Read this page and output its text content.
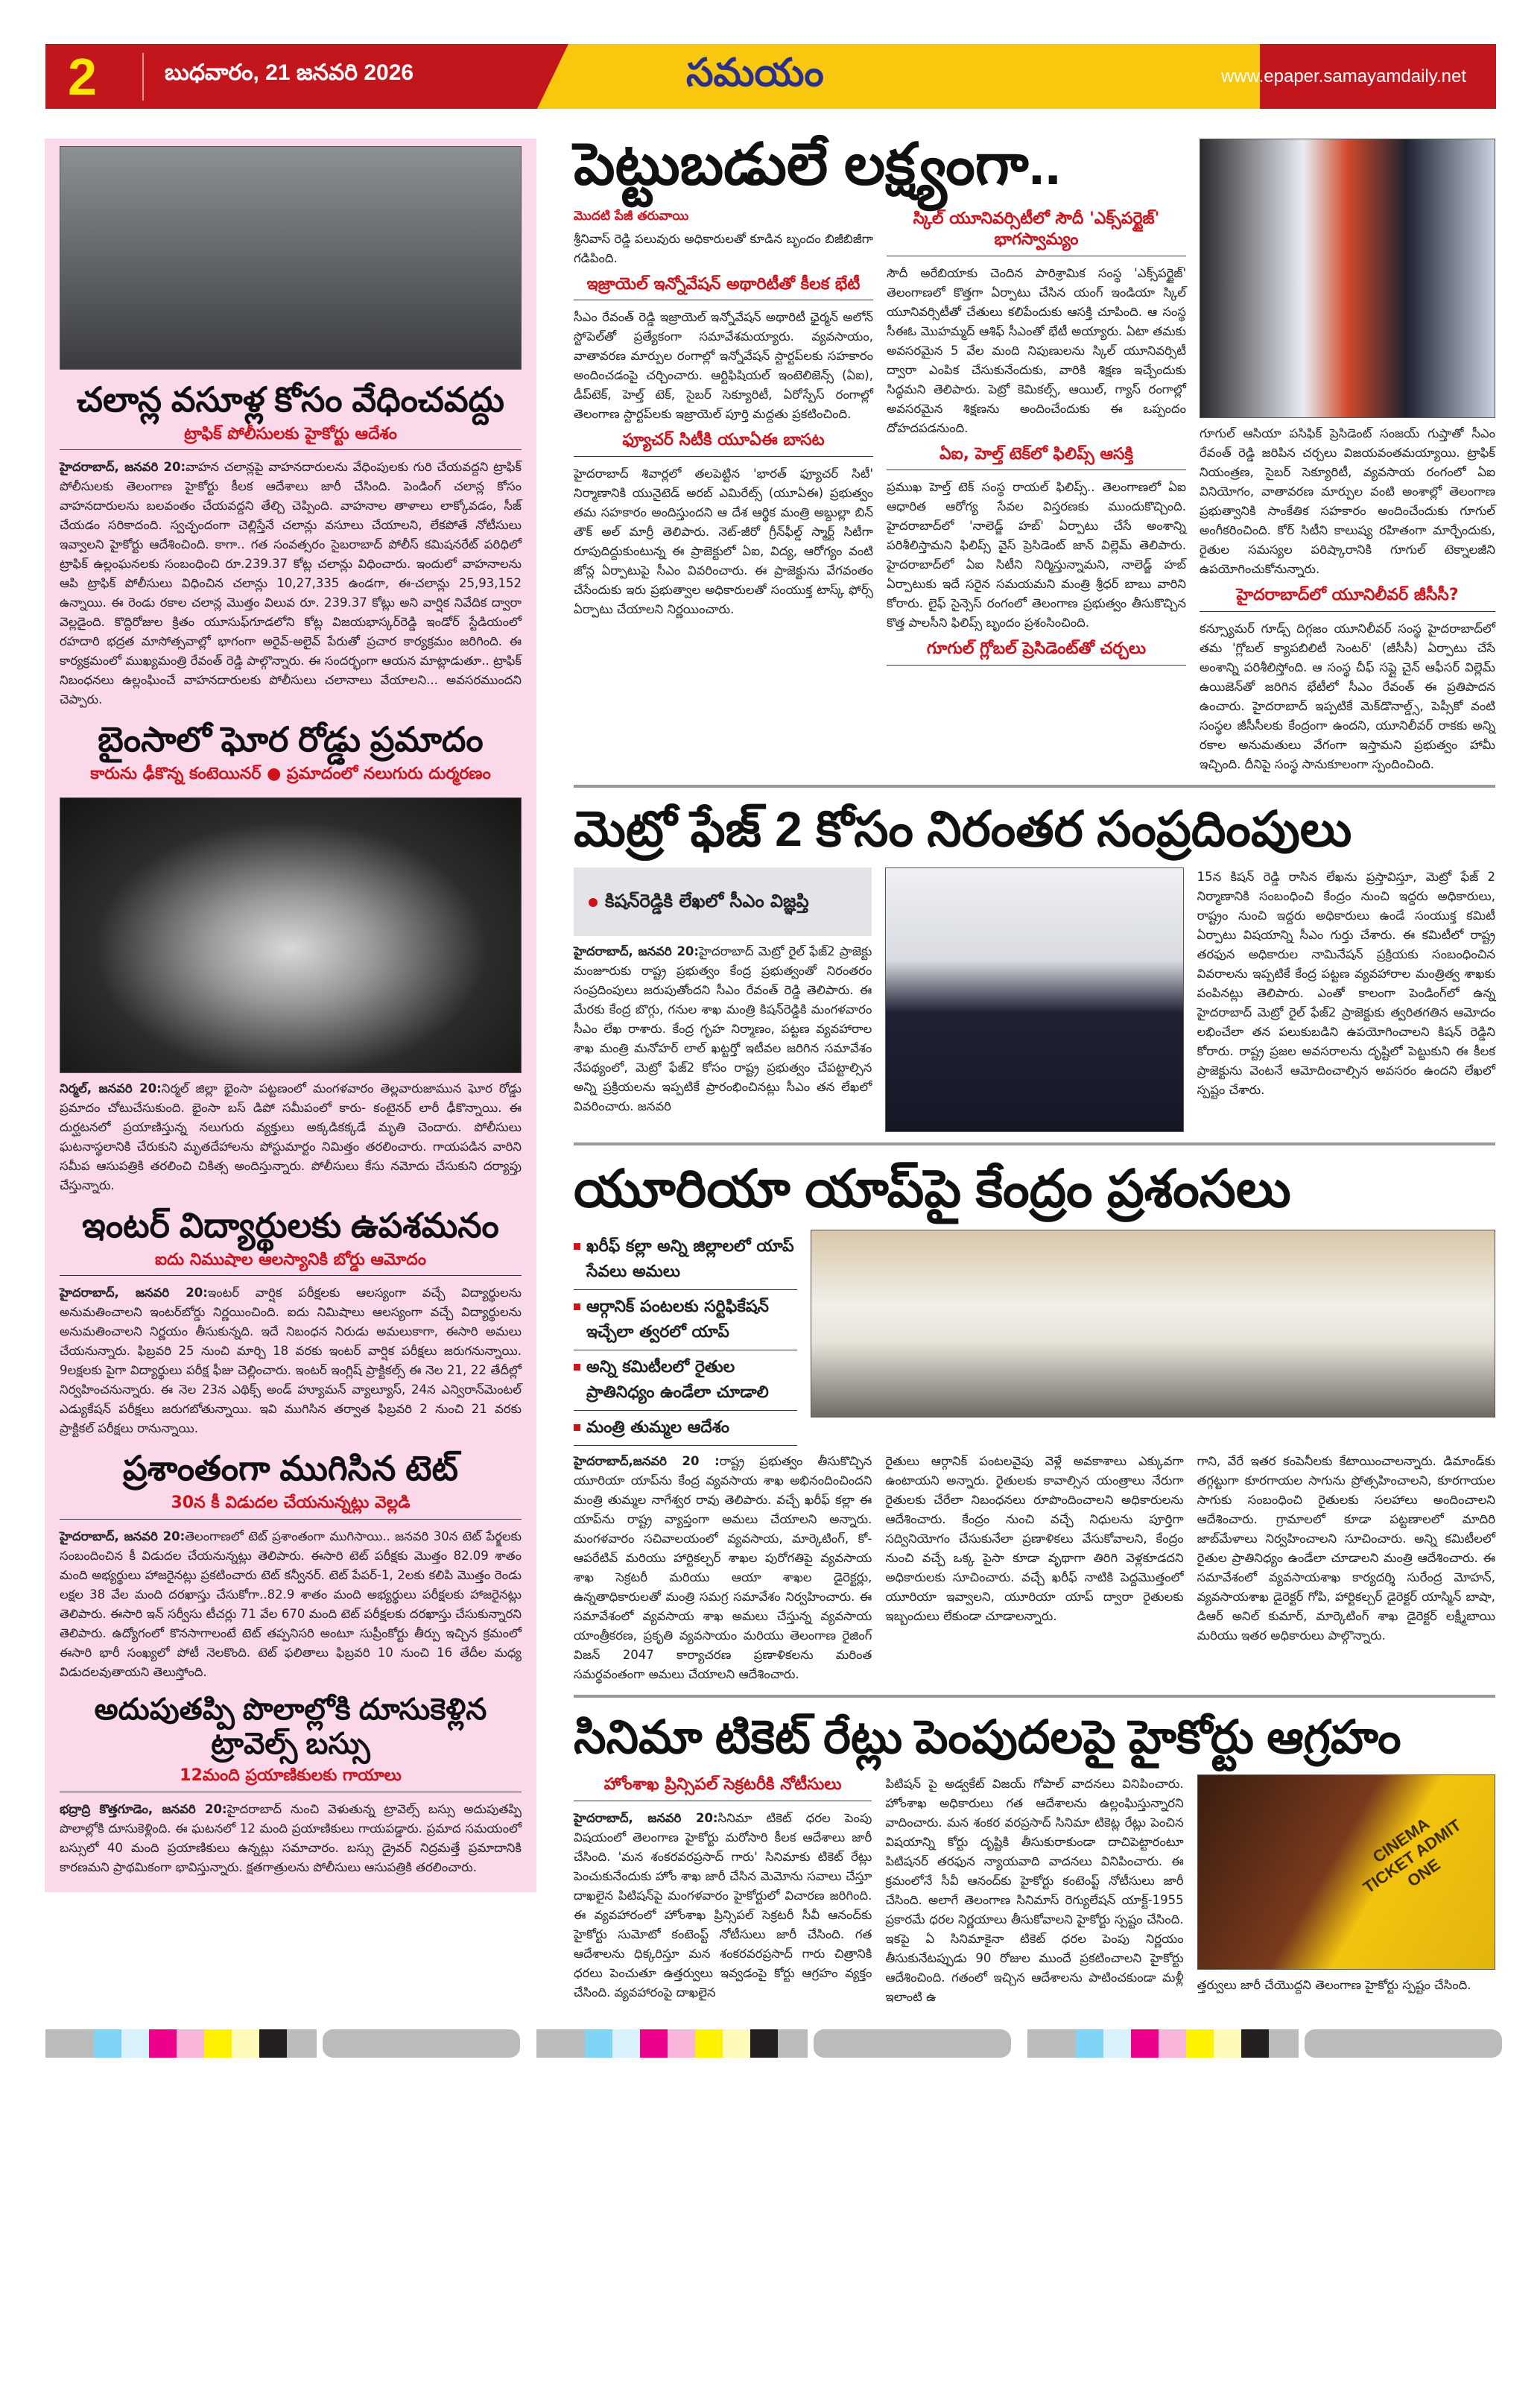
2	బుధవారం, 21 జనవరి 2026	సమయం	www.epaper.samayamdaily.net
చలాన్ల వసూళ్ల కోసం వేధించవద్దు
ట్రాఫిక్ పోలీసులకు హైకోర్టు ఆదేశం

హైదరాబాద్, జనవరి 20:వాహన చలాన్లపై వాహనదారులను వేధింపులకు గురి చేయవద్దని ట్రాఫిక్ పోలీసులకు తెలంగాణ హైకోర్టు కీలక ఆదేశాలు జారీ చేసింది. పెండింగ్ చలాన్ల కోసం వాహనదారులను బలవంతం చేయవద్దని తేల్చి చెప్పింది. వాహనాల తాళాలు లాక్కోవడం, సీజ్ చేయడం సరికాదంది. స్వచ్ఛందంగా చెల్లిస్తేనే చలాన్లు వసూలు చేయాలని, లేకపోతే నోటీసులు ఇవ్వాలని హైకోర్టు ఆదేశించింది. కాగా.. గత సంవత్సరం సైబరాబాద్ పోలీస్ కమిషనరేట్ పరిధిలో ట్రాఫిక్ ఉల్లంఘనలకు సంబంధించి రూ.239.37 కోట్ల చలాన్లు విధించారు. ఇందులో వాహనాలను ఆపి ట్రాఫిక్ పోలీసులు విధించిన చలాన్లు 10,27,335 ఉండగా, ఈ-చలాన్లు 25,93,152 ఉన్నాయి. ఈ రెండు రకాల చలాన్ల మొత్తం విలువ రూ. 239.37 కోట్లు అని వార్షిక నివేదిక ద్వారా వెల్లడైంది. కొద్దిరోజుల క్రితం యూసుఫ్‌గూడలోని కోట్ల విజయభాస్కర్‌రెడ్డి ఇండోర్ స్టేడియంలో రహదారి భద్రత మాసోత్సవాల్లో భాగంగా అరైవ్-అలైవ్ పేరుతో ప్రచార కార్యక్రమం జరిగింది. ఈ కార్యక్రమంలో ముఖ్యమంత్రి రేవంత్ రెడ్డి పాల్గొన్నారు. ఈ సందర్భంగా ఆయన మాట్లాడుతూ.. ట్రాఫిక్ నిబంధనలు ఉల్లంఘించే వాహనదారులకు పోలీసులు చలానాలు వేయాలని... అవసరముందని చెప్పారు.

బైంసాలో ఘోర రోడ్డు ప్రమాదం
కారును ఢీకొన్న కంటెయినర్ ● ప్రమాదంలో నలుగురు దుర్మరణం

నిర్మల్, జనవరి 20:నిర్మల్ జిల్లా భైంసా పట్టణంలో మంగళవారం తెల్లవారుజామున ఘోర రోడ్డు ప్రమాదం చోటుచేసుకుంది. భైంసా బస్ డిపో సమీపంలో కారు- కంటైనర్ లారీ ఢీకొన్నాయి. ఈ దుర్ఘటనలో ప్రయాణిస్తున్న నలుగురు వ్యక్తులు అక్కడికక్కడే మృతి చెందారు. పోలీసులు ఘటనాస్థలానికి చేరుకుని మృతదేహాలను పోస్టుమార్టం నిమిత్తం తరలించారు. గాయపడిన వారిని సమీప ఆసుపత్రికి తరలించి చికిత్స అందిస్తున్నారు. పోలీసులు కేసు నమోదు చేసుకుని దర్యాప్తు చేస్తున్నారు.

ఇంటర్ విద్యార్థులకు ఉపశమనం
ఐదు నిముషాల ఆలస్యానికి బోర్డు ఆమోదం

హైదరాబాద్, జనవరి 20:ఇంటర్ వార్షిక పరీక్షలకు ఆలస్యంగా వచ్చే విద్యార్థులను అనుమతించాలని ఇంటర్‌బోర్డు నిర్ణయించింది. ఐదు నిమిషాలు ఆలస్యంగా వచ్చే విద్యార్థులను అనుమతించాలని నిర్ణయం తీసుకున్నది. ఇదే నిబంధన నిరుడు అమలుకాగా, ఈసారి అమలు చేయనున్నారు. ఫిబ్రవరి 25 నుంచి మార్చి 18 వరకు ఇంటర్ వార్షిక పరీక్షలు జరుగనున్నాయి. 9లక్షలకు పైగా విద్యార్థులు పరీక్ష ఫీజు చెల్లించారు. ఇంటర్ ఇంగ్లిష్ ప్రాక్టికల్స్ ఈ నెల 21, 22 తేదీల్లో నిర్వహించనున్నారు. ఈ నెల 23న ఎథిక్స్ అండ్ హ్యూమన్ వ్యాల్యూస్, 24న ఎన్విరాన్‌మెంటల్ ఎడ్యుకేషన్ పరీక్షలు జరుగబోతున్నాయి. ఇవి ముగిసిన తర్వాత ఫిబ్రవరి 2 నుంచి 21 వరకు ప్రాక్టికల్ పరీక్షలు రానున్నాయి.

ప్రశాంతంగా ముగిసిన టెట్
30న కీ విడుదల చేయనున్నట్లు వెల్లడి

హైదరాబాద్, జనవరి 20:తెలంగాణలో టెట్ ప్రశాంతంగా ముగిసాయి.. జనవరి 30న టెట్ పేర్క్షలకు సంబందించిన కీ విడుదల చేయనున్నట్లు తెలిపారు. ఈసారి టెట్ పరీక్షకు మొత్తం 82.09 శాతం మంది అభ్యర్థులు హాజరైనట్లు ప్రకటించారు టెట్ కన్వీనర్. టెట్ పేపర్-1, 2లకు కలిపి మొత్తం రెండు లక్షల 38 వేల మంది దరఖాస్తు చేసుకోగా..82.9 శాతం మంది అభ్యర్థులు పరీక్షలకు హాజరైనట్లు తెలిపారు. ఈసారి ఇన్ సర్వీసు టీచర్లు 71 వేల 670 మంది టెట్ పరీక్షలకు దరఖాస్తు చేసుకున్నారని తెలిపారు. ఉద్యోగంలో కొనసాగాలంటే టెట్ తప్పనిసరి అంటూ సుప్రీంకోర్టు తీర్పు ఇచ్చిన క్రమంలో ఈసారి భారీ సంఖ్యలో పోటీ నెలకొంది. టెట్ ఫలితాలు ఫిబ్రవరి 10 నుంచి 16 తేదీల మధ్య విడుదలవుతాయని తెలుస్తోంది.

అదుపుతప్పి పొలాల్లోకి దూసుకెళ్లిన ట్రావెల్స్ బస్సు
12మంది ప్రయాణికులకు గాయాలు

భద్రాద్రి కొత్తగూడెం, జనవరి 20:హైదరాబాద్ నుంచి వెళుతున్న ట్రావెల్స్ బస్సు అదుపుతప్పి పొలాల్లోకి దూసుకెళ్లింది. ఈ ఘటనలో 12 మంది ప్రయాణికులు గాయపడ్డారు. ప్రమాద సమయంలో బస్సులో 40 మంది ప్రయాణికులు ఉన్నట్లు సమాచారం. బస్సు డ్రైవర్ నిద్రమత్తే ప్రమాదానికి కారణమని ప్రాథమికంగా భావిస్తున్నారు. క్షతగాత్రులను పోలీసులు ఆసుపత్రికి తరలించారు.

పెట్టుబడులే లక్ష్యంగా..
మొదటి పేజీ తరువాయి

శ్రీనివాస్ రెడ్డి పలువురు అధికారులతో కూడిన బృందం బిజీబిజీగా గడిపింది.

ఇజ్రాయెల్ ఇన్నోవేషన్ అథారిటీతో కీలక భేటీ

సీఎం రేవంత్ రెడ్డి ఇజ్రాయెల్ ఇన్నోవేషన్ అథారిటీ ఛైర్మన్ అలోన్ స్టోపెల్‌తో ప్రత్యేకంగా సమావేశమయ్యారు. వ్యవసాయం, వాతావరణ మార్పుల రంగాల్లో ఇన్నోవేషన్ స్టార్టప్‌లకు సహకారం అందించడంపై చర్చించారు. ఆర్టిఫిషియల్ ఇంటెలిజెన్స్ (ఏఐ), డీప్‌టెక్, హెల్త్ టెక్, సైబర్ సెక్యూరిటీ, ఏరోస్పేస్ రంగాల్లో తెలంగాణ స్టార్టప్‌లకు ఇజ్రాయెల్ పూర్తి మద్దతు ప్రకటించింది.

ఫ్యూచర్ సిటీకి యూఏఈ బాసట

హైదరాబాద్ శివార్లలో తలపెట్టిన 'భారత్ ఫ్యూచర్ సిటీ' నిర్మాణానికి యునైటెడ్ అరబ్ ఎమిరేట్స్ (యూఏఈ) ప్రభుత్వం తమ సహకారం అందిస్తుందని ఆ దేశ ఆర్థిక మంత్రి అబ్దుల్లా బిన్ తౌక్ అల్ మార్రీ తెలిపారు. నెట్-జీరో గ్రీన్‌ఫీల్డ్ స్మార్ట్ సిటీగా రూపుదిద్దుకుంటున్న ఈ ప్రాజెక్టులో ఏఐ, విద్య, ఆరోగ్యం వంటి జోన్ల ఏర్పాటుపై సీఎం వివరించారు. ఈ ప్రాజెక్టును వేగవంతం చేసేందుకు ఇరు ప్రభుత్వాల అధికారులతో సంయుక్త టాస్క్ ఫోర్స్ ఏర్పాటు చేయాలని నిర్ణయించారు.

స్కిల్ యూనివర్సిటీలో సౌదీ 'ఎక్స్‌పర్టైజ్' భాగస్వామ్యం

సౌదీ అరేబియాకు చెందిన పారిశ్రామిక సంస్థ 'ఎక్స్‌పర్టైజ్' తెలంగాణలో కొత్తగా ఏర్పాటు చేసిన యంగ్ ఇండియా స్కిల్ యూనివర్సిటీతో చేతులు కలిపేందుకు ఆసక్తి చూపింది. ఆ సంస్థ సీఈఓ మొహమ్మద్ ఆశిఫ్ సీఎంతో భేటీ అయ్యారు. ఏటా తమకు అవసరమైన 5 వేల మంది నిపుణులను స్కిల్ యూనివర్సిటీ ద్వారా ఎంపిక చేసుకునేందుకు, వారికి శిక్షణ ఇచ్చేందుకు సిద్ధమని తెలిపారు. పెట్రో కెమికల్స్, ఆయిల్, గ్యాస్ రంగాల్లో అవసరమైన శిక్షణను అందించేందుకు ఈ ఒప్పందం దోహదపడనుంది.

ఏఐ, హెల్త్ టెక్‌లో ఫిలిప్స్ ఆసక్తి

ప్రముఖ హెల్త్ టెక్ సంస్థ రాయల్ ఫిలిప్స్.. తెలంగాణలో ఏఐ ఆధారిత ఆరోగ్య సేవల విస్తరణకు ముందుకొచ్చింది. హైదరాబాద్‌లో 'నాలెడ్జ్ హబ్' ఏర్పాటు చేసే అంశాన్ని పరిశీలిస్తామని ఫిలిప్స్ వైస్ ప్రెసిడెంట్ జాన్ విల్లెమ్ తెలిపారు. హైదరాబాద్‌లో ఏఐ సిటీని నిర్మిస్తున్నామని, నాలెడ్జ్ హబ్ ఏర్పాటుకు ఇదే సరైన సమయమని మంత్రి శ్రీధర్ బాబు వారిని కోరారు. లైఫ్ సైన్సెస్ రంగంలో తెలంగాణ ప్రభుత్వం తీసుకొచ్చిన కొత్త పాలసీని ఫిలిప్స్ బృందం ప్రశంసించింది.

గూగుల్ గ్లోబల్ ప్రెసిడెంట్‌తో చర్చలు

గూగుల్ ఆసియా పసిఫిక్ ప్రెసిడెంట్ సంజయ్ గుప్తాతో సీఎం రేవంత్ రెడ్డి జరిపిన చర్చలు విజయవంతమయ్యాయి. ట్రాఫిక్ నియంత్రణ, సైబర్ సెక్యూరిటీ, వ్యవసాయ రంగంలో ఏఐ వినియోగం, వాతావరణ మార్పుల వంటి అంశాల్లో తెలంగాణ ప్రభుత్వానికి సాంకేతిక సహకారం అందించేందుకు గూగుల్ అంగీకరించింది. కోర్ సిటీని కాలుష్య రహితంగా మార్చేందుకు, రైతుల సమస్యల పరిష్కారానికి గూగుల్ టెక్నాలజీని ఉపయోగించుకోనున్నారు.

హైదరాబాద్‌లో యూనిలీవర్ జీసీసీ?

కన్స్యూమర్ గూడ్స్ దిగ్గజం యూనిలీవర్ సంస్థ హైదరాబాద్‌లో తమ 'గ్లోబల్ క్యాపబిలిటీ సెంటర్' (జీసీసీ) ఏర్పాటు చేసే అంశాన్ని పరిశీలిస్తోంది. ఆ సంస్థ చీఫ్ సప్లై చైన్ ఆఫీసర్ విల్లెమ్ ఉయిజెన్‌తో జరిగిన భేటీలో సీఎం రేవంత్ ఈ ప్రతిపాదన ఉంచారు. హైదరాబాద్ ఇప్పటికే మెక్‌డొనాల్డ్స్, పెప్సీకో వంటి సంస్థల జీసీసీలకు కేంద్రంగా ఉందని, యూనిలీవర్ రాకకు అన్ని రకాల అనుమతులు వేగంగా ఇస్తామని ప్రభుత్వం హామీ ఇచ్చింది. దీనిపై సంస్థ సానుకూలంగా స్పందించింది.

మెట్రో ఫేజ్ 2 కోసం నిరంతర సంప్రదింపులు
కిషన్‌రెడ్డికి లేఖలో సీఎం విజ్ఞప్తి

హైదరాబాద్, జనవరి 20:హైదరాబాద్ మెట్రో రైల్ ఫేజ్2 ప్రాజెక్టు మంజూరుకు రాష్ట్ర ప్రభుత్వం కేంద్ర ప్రభుత్వంతో నిరంతరం సంప్రదింపులు జరుపుతోందని సీఎం రేవంత్ రెడ్డి తెలిపారు. ఈ మేరకు కేంద్ర బొగ్గు, గనుల శాఖ మంత్రి కిషన్‌రెడ్డికి మంగళవారం సీఎం లేఖ రాశారు. కేంద్ర గృహ నిర్మాణం, పట్టణ వ్యవహారాల శాఖ మంత్రి మనోహర్ లాల్ ఖట్టర్తో ఇటీవల జరిగిన సమావేశం నేపథ్యంలో, మెట్రో ఫేజ్2 కోసం రాష్ట్ర ప్రభుత్వం చేపట్టాల్సిన అన్ని ప్రక్రియలను ఇప్పటికే ప్రారంభించినట్లు సీఎం తన లేఖలో వివరించారు. జనవరి

15న కిషన్ రెడ్డి రాసిన లేఖను ప్రస్తావిస్తూ, మెట్రో ఫేజ్ 2 నిర్మాణానికి సంబంధించి కేంద్రం నుంచి ఇద్దరు అధికారులు, రాష్ట్రం నుంచి ఇద్దరు అధికారులు ఉండే సంయుక్త కమిటీ ఏర్పాటు విషయాన్ని సీఎం గుర్తు చేశారు. ఈ కమిటీలో రాష్ట్ర తరఫున అధికారుల నామినేషన్ ప్రక్రియకు సంబంధించిన వివరాలను ఇప్పటికే కేంద్ర పట్టణ వ్యవహారాల మంత్రిత్వ శాఖకు పంపినట్లు తెలిపారు. ఎంతో కాలంగా పెండింగ్‌లో ఉన్న హైదరాబాద్ మెట్రో రైల్ ఫేజ్2 ప్రాజెక్టుకు త్వరితగతిన ఆమోదం లభించేలా తన పలుకుబడిని ఉపయోగించాలని కిషన్ రెడ్డిని కోరారు. రాష్ట్ర ప్రజల అవసరాలను దృష్టిలో పెట్టుకుని ఈ కీలక ప్రాజెక్టును వెంటనే ఆమోదించాల్సిన అవసరం ఉందని లేఖలో స్పష్టం చేశారు.

యూరియా యాప్‌పై కేంద్రం ప్రశంసలు
ఖరీఫ్ కల్లా అన్ని జిల్లాలలో యాప్ సేవలు అమలు
ఆర్గానిక్ పంటలకు సర్టిఫికేషన్ ఇచ్చేలా త్వరలో యాప్
అన్ని కమిటీలలో రైతుల ప్రాతినిధ్యం ఉండేలా చూడాలి
మంత్రి తుమ్మల ఆదేశం

హైదరాబాద్,జనవరి 20 :రాష్ట్ర ప్రభుత్వం తీసుకొచ్చిన యూరియా యాప్‌ను కేంద్ర వ్యవసాయ శాఖ అభినందించిందని మంత్రి తుమ్మల నాగేశ్వర రావు తెలిపారు. వచ్చే ఖరీఫ్ కల్లా ఈ యాప్‌ను రాష్ట్ర వ్యాప్తంగా అమలు చేయాలని అన్నారు. మంగళవారం సచివాలయంలో వ్యవసాయ, మార్కెటింగ్, కో-ఆపరేటివ్ మరియు హార్టికల్చర్ శాఖల పురోగతిపై వ్యవసాయ శాఖ సెక్రటరీ మరియు ఆయా శాఖల డైరెక్టర్లు, ఉన్నతాధికారులతో మంత్రి సమగ్ర సమావేశం నిర్వహించారు. ఈ సమావేశంలో వ్యవసాయ శాఖ అమలు చేస్తున్న వ్యవసాయ యాంత్రీకరణ, ప్రకృతి వ్యవసాయం మరియు తెలంగాణ రైజింగ్ విజన్ 2047 కార్యాచరణ ప్రణాళికలను మరింత సమర్థవంతంగా అమలు చేయాలని ఆదేశించారు.

రైతులు ఆర్గానిక్ పంటలవైపు వెళ్లే అవకాశాలు ఎక్కువగా ఉంటాయని అన్నారు. రైతులకు కావాల్సిన యంత్రాలు నేరుగా రైతులకు చేరేలా నిబంధనలు రూపొందించాలని అధికారులను ఆదేశించారు. కేంద్రం నుంచి వచ్చే నిధులను పూర్తిగా సద్వినియోగం చేసుకునేలా ప్రణాళికలు వేసుకోవాలని, కేంద్రం నుంచి వచ్చే ఒక్క పైసా కూడా వృథాగా తిరిగి వెళ్లకూడదని అధికారులకు సూచించారు. వచ్చే ఖరీఫ్ నాటికి పెద్దమొత్తంలో యూరియా ఇవ్వాలని, యూరియా యాప్ ద్వారా రైతులకు ఇబ్బందులు లేకుండా చూడాలన్నారు.

గాని, వేరే ఇతర కంపెనీలకు కేటాయించాలన్నారు. డిమాండ్‌కు తగ్గట్టుగా కూరగాయల సాగును ప్రోత్సహించాలని, కూరగాయల సాగుకు సంబంధించి రైతులకు సలహాలు అందించాలని ఆదేశించారు. గ్రామాలలో కూడా పట్టణాలలో మాదిరి జాబ్‌మేళాలు నిర్వహించాలని సూచించారు. అన్ని కమిటీలలో రైతుల ప్రాతినిధ్యం ఉండేలా చూడాలని మంత్రి ఆదేశించారు. ఈ సమావేశంలో వ్యవసాయశాఖ కార్యదర్శి సురేంద్ర మోహన్, వ్యవసాయశాఖ డైరెక్టర్ గోపి, హార్టికల్చర్ డైరెక్టర్ యాస్మిన్ బాషా, డిఆర్ అనిల్ కుమార్, మార్కెటింగ్ శాఖ డైరెక్టర్ లక్ష్మీబాయి మరియు ఇతర అధికారులు పాల్గొన్నారు.

సినిమా టికెట్ రేట్లు పెంపుదలపై హైకోర్టు ఆగ్రహం
హోంశాఖ ప్రిన్సిపల్ సెక్రటరీకి నోటీసులు

హైదరాబాద్, జనవరి 20:సినిమా టికెట్ ధరల పెంపు విషయంలో తెలంగాణ హైకోర్టు మరోసారి కీలక ఆదేశాలు జారీ చేసింది. 'మన శంకరవరప్రసాద్ గారు' సినిమాకు టికెట్ రేట్లు పెంచుకునేందుకు హోం శాఖ జారీ చేసిన మెమోను సవాలు చేస్తూ దాఖలైన పిటిషన్‌పై మంగళవారం హైకోర్టులో విచారణ జరిగింది. ఈ వ్యవహారంలో హోంశాఖ ప్రిన్సిపల్ సెక్రటరీ సీవీ ఆనంద్‌కు హైకోర్టు సుమోటో కంటెంప్ట్ నోటీసులు జారీ చేసింది. గత ఆదేశాలను ధిక్కరిస్తూ మన శంకరవరప్రసాద్ గారు చిత్రానికి ధరలు పెంచుతూ ఉత్తర్వులు ఇవ్వడంపై కోర్టు ఆగ్రహం వ్యక్తం చేసింది. వ్యవహారంపై దాఖలైన

పిటిషన్ పై అడ్వకేట్ విజయ్ గోపాల్ వాదనలు వినిపించారు. హోంశాఖ అధికారులు గత ఆదేశాలను ఉల్లంఘిస్తున్నారని వాదించారు. మన శంకర వరప్రసాద్ సినిమా టికెట్ల రేట్లు పెంచిన విషయాన్ని కోర్టు దృష్టికి తీసుకురాకుండా దాచిపెట్టారంటూ పిటిషనర్ తరఫున న్యాయవాది వాదనలు వినిపించారు. ఈ క్రమంలోనే సీవీ ఆనంద్‌కు హైకోర్టు కంటెంప్ట్ నోటీసులు జారీ చేసింది. అలాగే తెలంగాణ సినిమాస్ రెగ్యులేషన్ యాక్ట్-1955 ప్రకారమే ధరల నిర్ణయాలు తీసుకోవాలని హైకోర్టు స్పష్టం చేసింది. ఇకపై ఏ సినిమాకైనా టికెట్ ధరల పెంపు నిర్ణయం తీసుకునేటప్పుడు 90 రోజుల ముందే ప్రకటించాలని హైకోర్టు ఆదేశించింది. గతంలో ఇచ్చిన ఆదేశాలను పాటించకుండా మళ్లీ ఇలాంటి ఉ

CINEMA TICKET ADMIT ONE

త్తర్వులు జారీ చేయొద్దని తెలంగాణ హైకోర్టు స్పష్టం చేసింది.
